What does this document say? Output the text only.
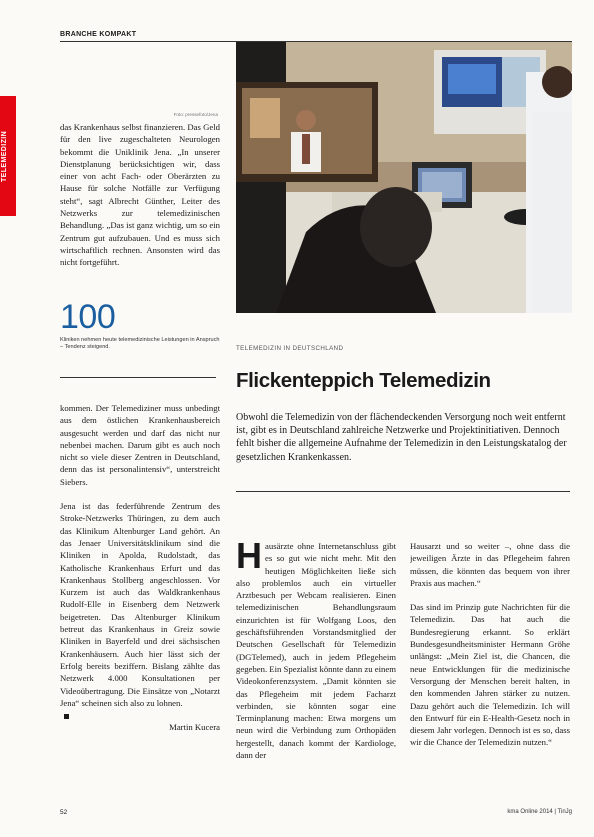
BRANCHE KOMPAKT
TELEMEDIZIN

das Krankenhaus selbst finanzieren. Das Geld für den live zugeschalteten Neurologen bekommt die Uniklinik Jena. „In unserer Dienstplanung berücksichtigen wir, dass einer von acht Fach- oder Oberärzten zu Hause für solche Notfälle zur Verfügung steht“, sagt Albrecht Günther, Leiter des Netzwerks zur telemedizinischen Behandlung. „Das ist ganz wichtig, um so ein Zentrum gut aufzubauen. Und es muss sich wirtschaftlich rechnen. Ansonsten wird das nicht fortgeführt.

Foto: pressefoto/Jena
100
Kliniken nehmen heute telemedizinische Leistungen in Anspruch – Tendenz steigend.

kommen. Der Telemediziner muss unbedingt aus dem östlichen Krankenhausbereich ausgesucht werden und darf das nicht nur nebenbei machen. Darum gibt es auch noch nicht so viele dieser Zentren in Deutschland, denn das ist personalintensiv“, unterstreicht Siebers.

Jena ist das federführende Zentrum des Stroke-Netzwerks Thüringen, zu dem auch das Klinikum Altenburger Land gehört. An das Jenaer Universitätsklinikum sind die Kliniken in Apolda, Rudolstadt, das Katholische Krankenhaus Erfurt und das Krankenhaus Stollberg angeschlossen. Vor Kurzem ist auch das Waldkrankenhaus Rudolf-Elle in Eisenberg dem Netzwerk beigetreten. Das Altenburger Klinikum betreut das Krankenhaus in Greiz sowie Kliniken in Bayerfeld und drei sächsischen Krankenhäusern. Auch hier lässt sich der Erfolg bereits beziffern. Bislang zählte das Netzwerk 4.000 Konsultationen per Videoübertragung. Die Einsätze von „Notarzt Jena“ scheinen sich also zu lohnen.

Martin Kucera

TELEMEDIZIN IN DEUTSCHLAND
Flickenteppich Telemedizin
Obwohl die Telemedizin von der flächendeckenden Versorgung noch weit entfernt ist, gibt es in Deutschland zahlreiche Netzwerke und Projektinitiativen. Dennoch fehlt bisher die allgemeine Aufnahme der Telemedizin in den Leistungskatalog der gesetzlichen Krankenkassen.
H ausärzte ohne Internetanschluss gibt es so gut wie nicht mehr. Mit den heutigen Möglichkeiten ließe sich also problemlos auch ein virtueller Arztbesuch per Webcam realisieren. Einen telemedizinischen Behandlungsraum einzurichten ist für Wolfgang Loos, den geschäftsführenden Vorstandsmitglied der Deutschen Gesellschaft für Telemedizin (DGTelemed), auch in jedem Pflegeheim gegeben. Ein Spezialist könnte dann zu einem Videokonferenzsystem. „Damit könnten sie das Pflegeheim mit jedem Facharzt verbinden, sie könnten sogar eine Terminplanung machen: Etwa morgens um neun wird die Verbindung zum Orthopäden hergestellt, danach kommt der Kardiologe, dann der

Hausarzt und so weiter –, ohne dass die jeweiligen Ärzte in das Pflegeheim fahren müssen, die könnten das bequem von ihrer Praxis aus machen.“

Das sind im Prinzip gute Nachrichten für die Telemedizin. Das hat auch die Bundesregierung erkannt. So erklärt Bundesgesundheitsminister Hermann Gröhe unlängst: „Mein Ziel ist, die Chancen, die neue Entwicklungen für die medizinische Versorgung der Menschen bereit halten, in den kommenden Jahren stärker zu nutzen. Dazu gehört auch die Telemedizin. Ich will den Entwurf für ein E-Health-Gesetz noch in diesem Jahr vorlegen. Dennoch ist es so, dass wir die Chance der Telemedizin nutzen.“

52	kma Online 2014 | TinJg
